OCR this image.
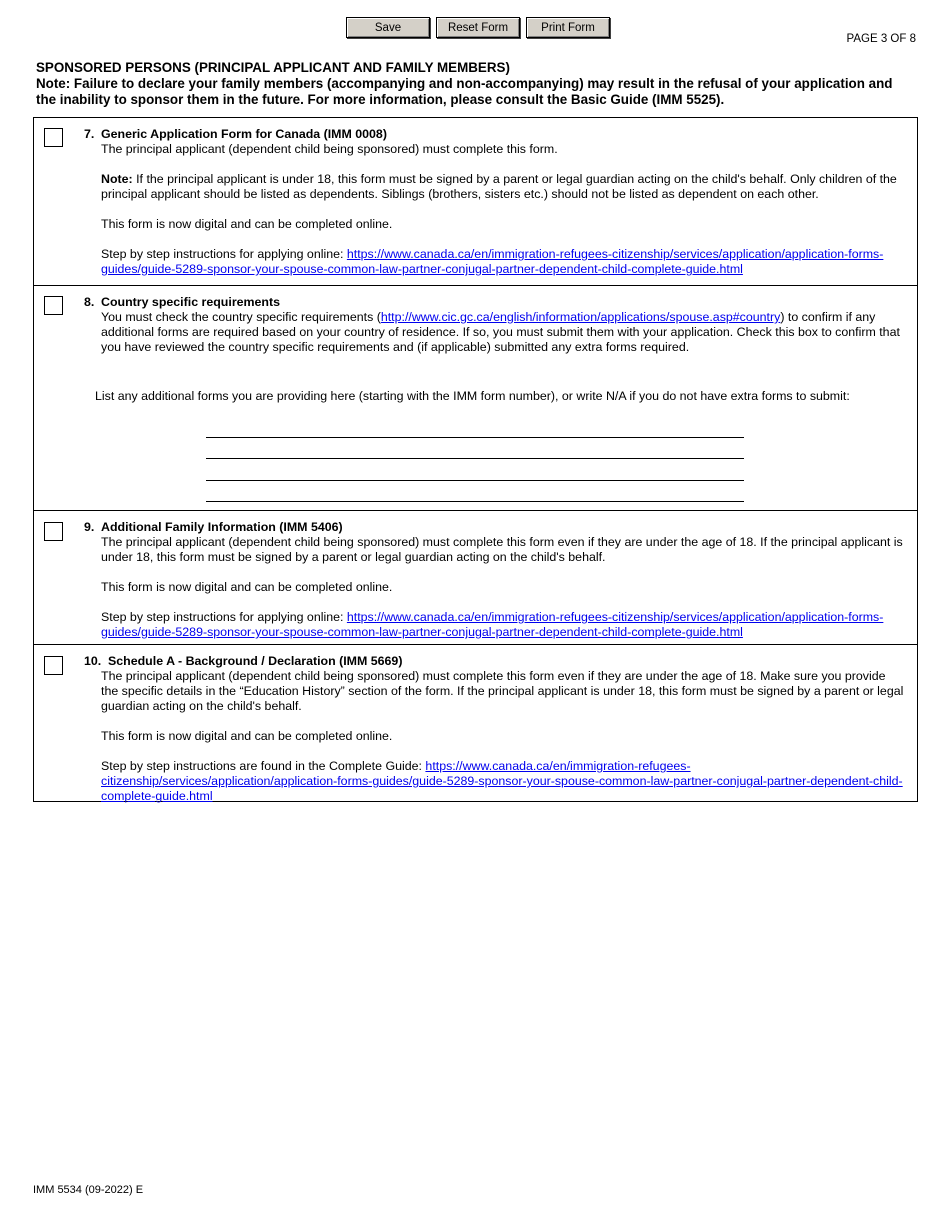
Save	Reset Form	Print Form
PAGE 3 OF 8
SPONSORED PERSONS (PRINCIPAL APPLICANT AND FAMILY MEMBERS)
Note: Failure to declare your family members (accompanying and non-accompanying) may result in the refusal of your application and the inability to sponsor them in the future. For more information, please consult the Basic Guide (IMM 5525).
7. Generic Application Form for Canada (IMM 0008)

The principal applicant (dependent child being sponsored) must complete this form.

Note: If the principal applicant is under 18, this form must be signed by a parent or legal guardian acting on the child's behalf. Only children of the principal applicant should be listed as dependents. Siblings (brothers, sisters etc.) should not be listed as dependent on each other.

This form is now digital and can be completed online.

Step by step instructions for applying online: https://www.canada.ca/en/immigration-refugees-citizenship/services/application/application-forms-guides/guide-5289-sponsor-your-spouse-common-law-partner-conjugal-partner-dependent-child-complete-guide.html

8. Country specific requirements

You must check the country specific requirements (http://www.cic.gc.ca/english/information/applications/spouse.asp#country) to confirm if any additional forms are required based on your country of residence. If so, you must submit them with your application. Check this box to confirm that you have reviewed the country specific requirements and (if applicable) submitted any extra forms required.

List any additional forms you are providing here (starting with the IMM form number), or write N/A if you do not have extra forms to submit:
9. Additional Family Information (IMM 5406)

The principal applicant (dependent child being sponsored) must complete this form even if they are under the age of 18. If the principal applicant is under 18, this form must be signed by a parent or legal guardian acting on the child's behalf.

This form is now digital and can be completed online.

Step by step instructions for applying online: https://www.canada.ca/en/immigration-refugees-citizenship/services/application/application-forms-guides/guide-5289-sponsor-your-spouse-common-law-partner-conjugal-partner-dependent-child-complete-guide.html

10. Schedule A - Background / Declaration (IMM 5669)

The principal applicant (dependent child being sponsored) must complete this form even if they are under the age of 18. Make sure you provide the specific details in the “Education History” section of the form. If the principal applicant is under 18, this form must be signed by a parent or legal guardian acting on the child's behalf.

This form is now digital and can be completed online.

Step by step instructions are found in the Complete Guide: https://www.canada.ca/en/immigration-refugees-citizenship/services/application/application-forms-guides/guide-5289-sponsor-your-spouse-common-law-partner-conjugal-partner-dependent-child-complete-guide.html

IMM 5534 (09-2022) E
